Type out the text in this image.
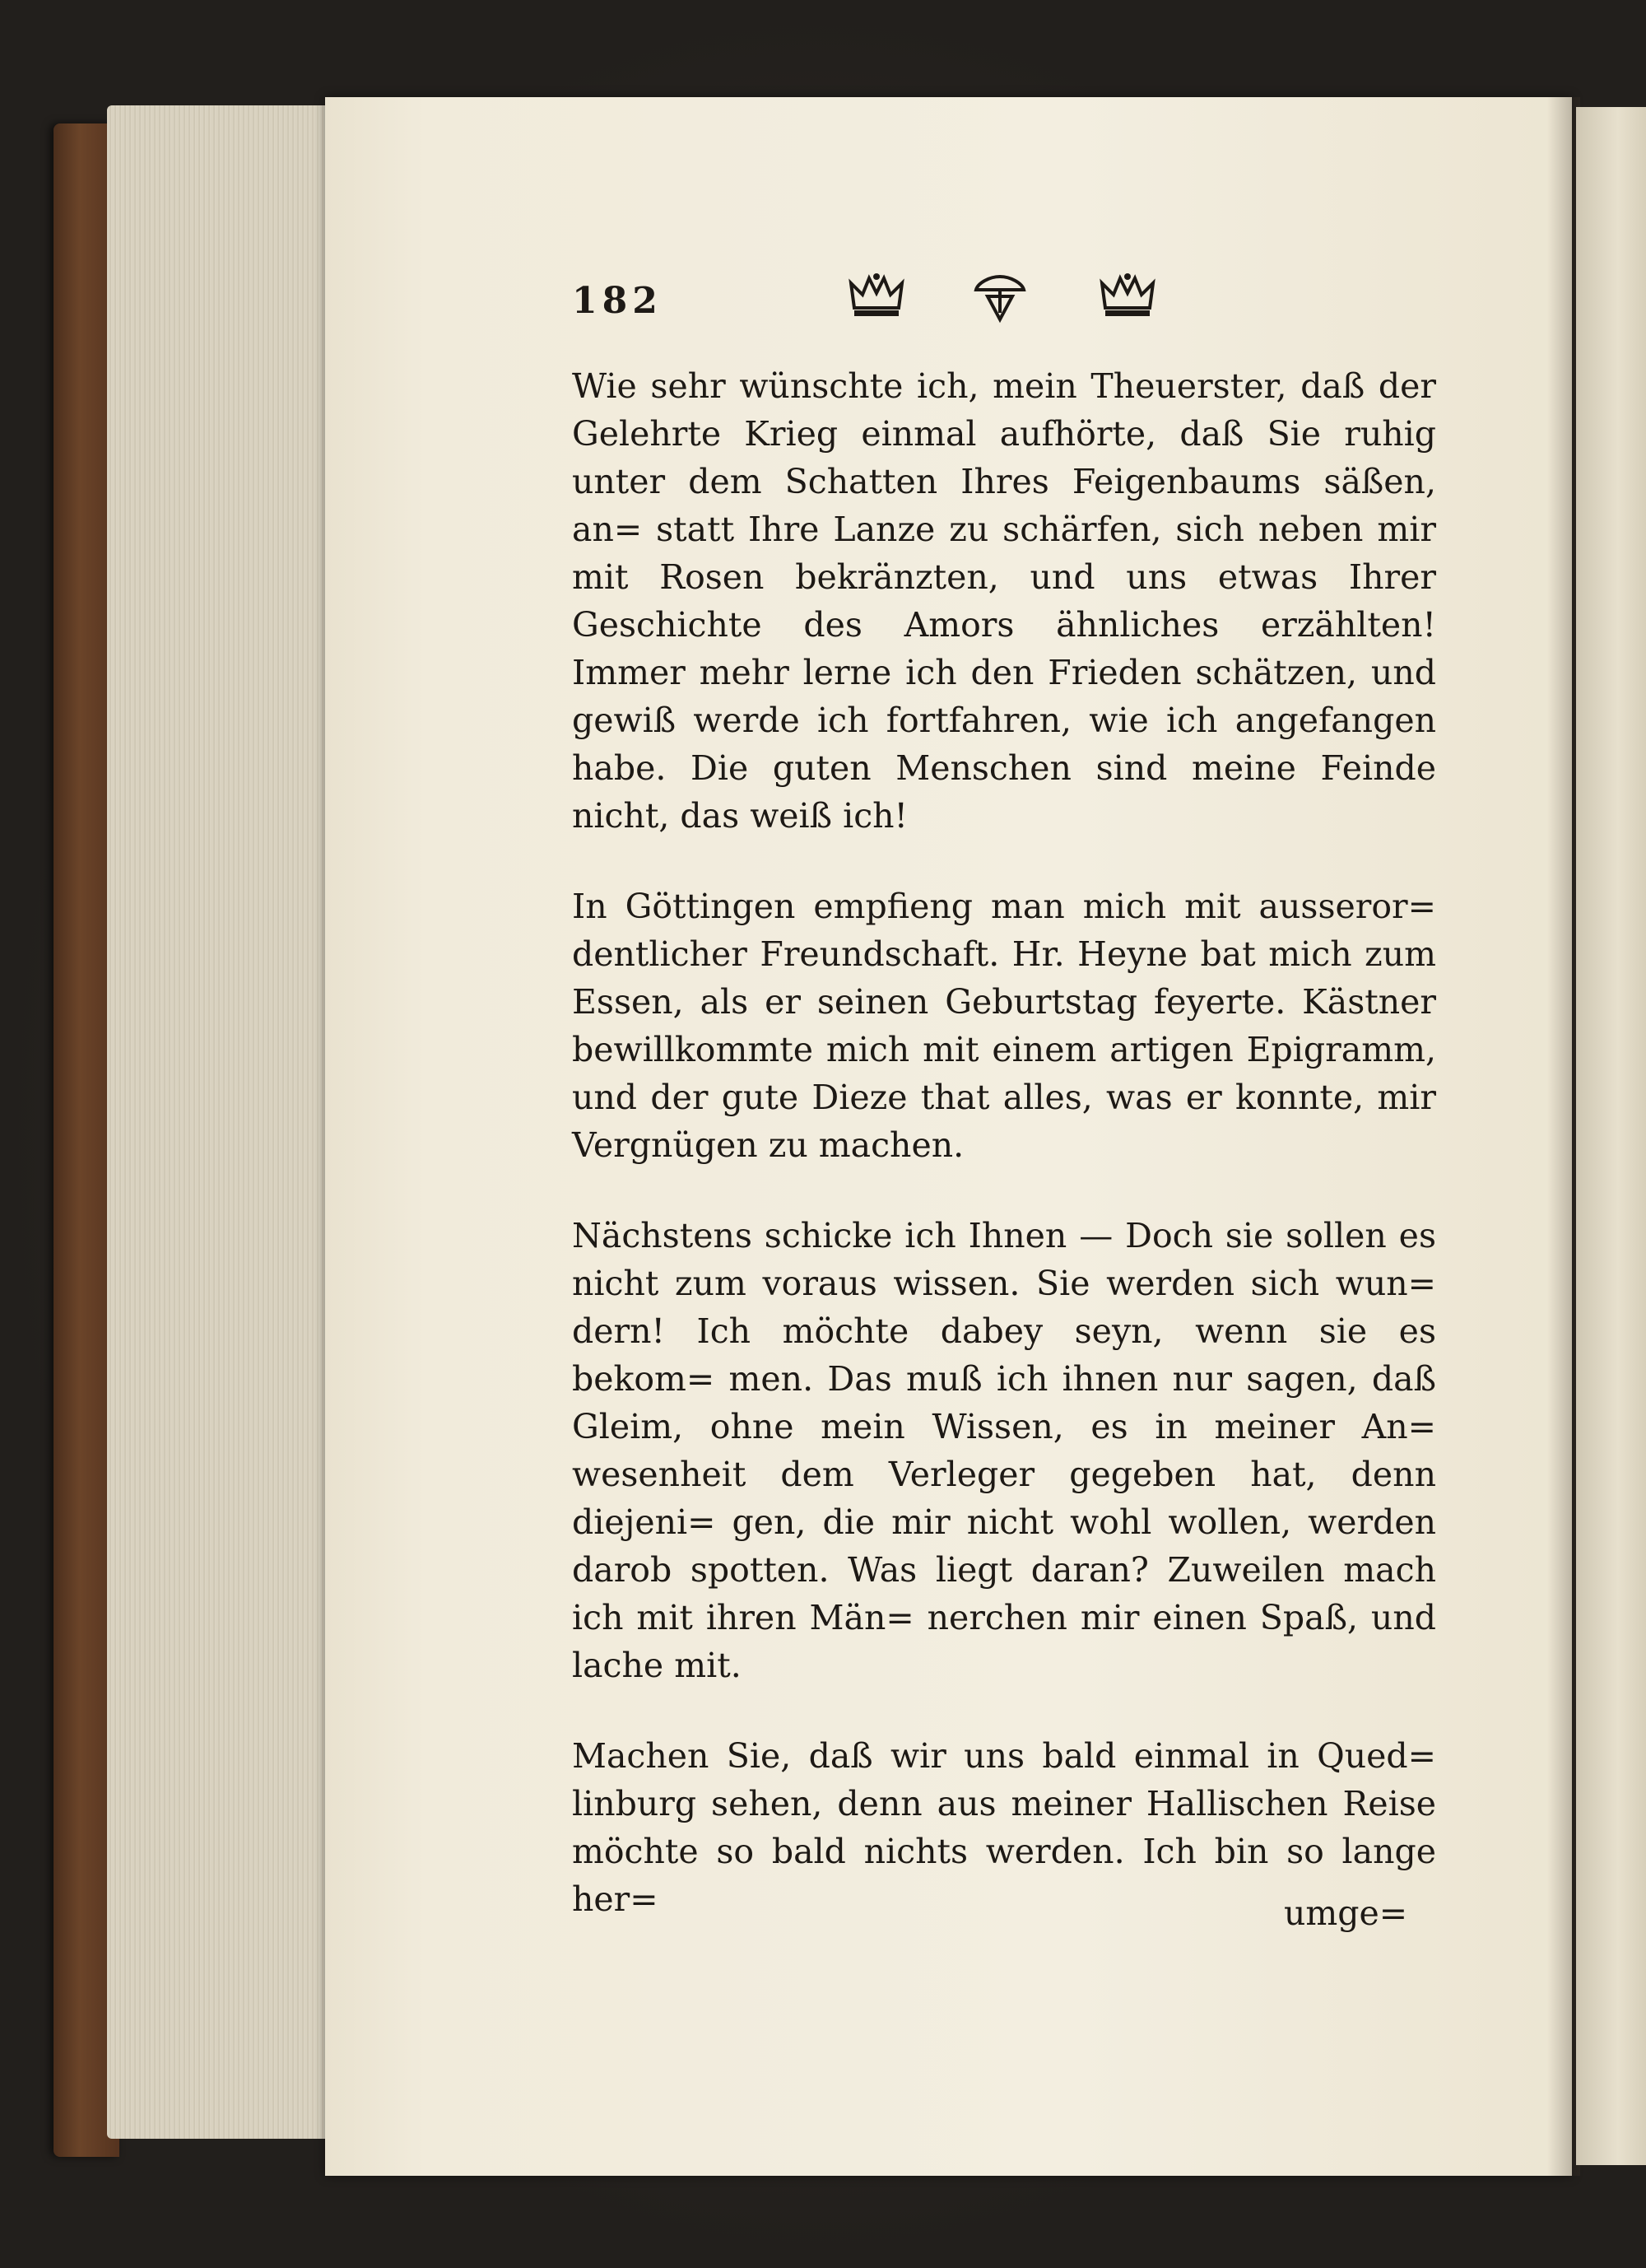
182

Wie sehr wünschte ich, mein Theuerster, daß der Gelehrte Krieg einmal aufhörte, daß Sie ruhig unter dem Schatten Ihres Feigenbaums säßen, an= statt Ihre Lanze zu schärfen, sich neben mir mit Rosen bekränzten, und uns etwas Ihrer Geschichte des Amors ähnliches erzählten! Immer mehr lerne ich den Frieden schätzen, und gewiß werde ich fortfahren, wie ich angefangen habe. Die guten Menschen sind meine Feinde nicht, das weiß ich!

In Göttingen empfieng man mich mit ausseror= dentlicher Freundschaft. Hr. Heyne bat mich zum Essen, als er seinen Geburtstag feyerte. Kästner bewillkommte mich mit einem artigen Epigramm, und der gute Dieze that alles, was er konnte, mir Vergnügen zu machen.

Nächstens schicke ich Ihnen — Doch sie sollen es nicht zum voraus wissen. Sie werden sich wun= dern! Ich möchte dabey seyn, wenn sie es bekom= men. Das muß ich ihnen nur sagen, daß Gleim, ohne mein Wissen, es in meiner An= wesenheit dem Verleger gegeben hat, denn diejeni= gen, die mir nicht wohl wollen, werden darob spotten. Was liegt daran? Zuweilen mach ich mit ihren Män= nerchen mir einen Spaß, und lache mit.

Machen Sie, daß wir uns bald einmal in Qued= linburg sehen, denn aus meiner Hallischen Reise möchte so bald nichts werden. Ich bin so lange her=	umge=
